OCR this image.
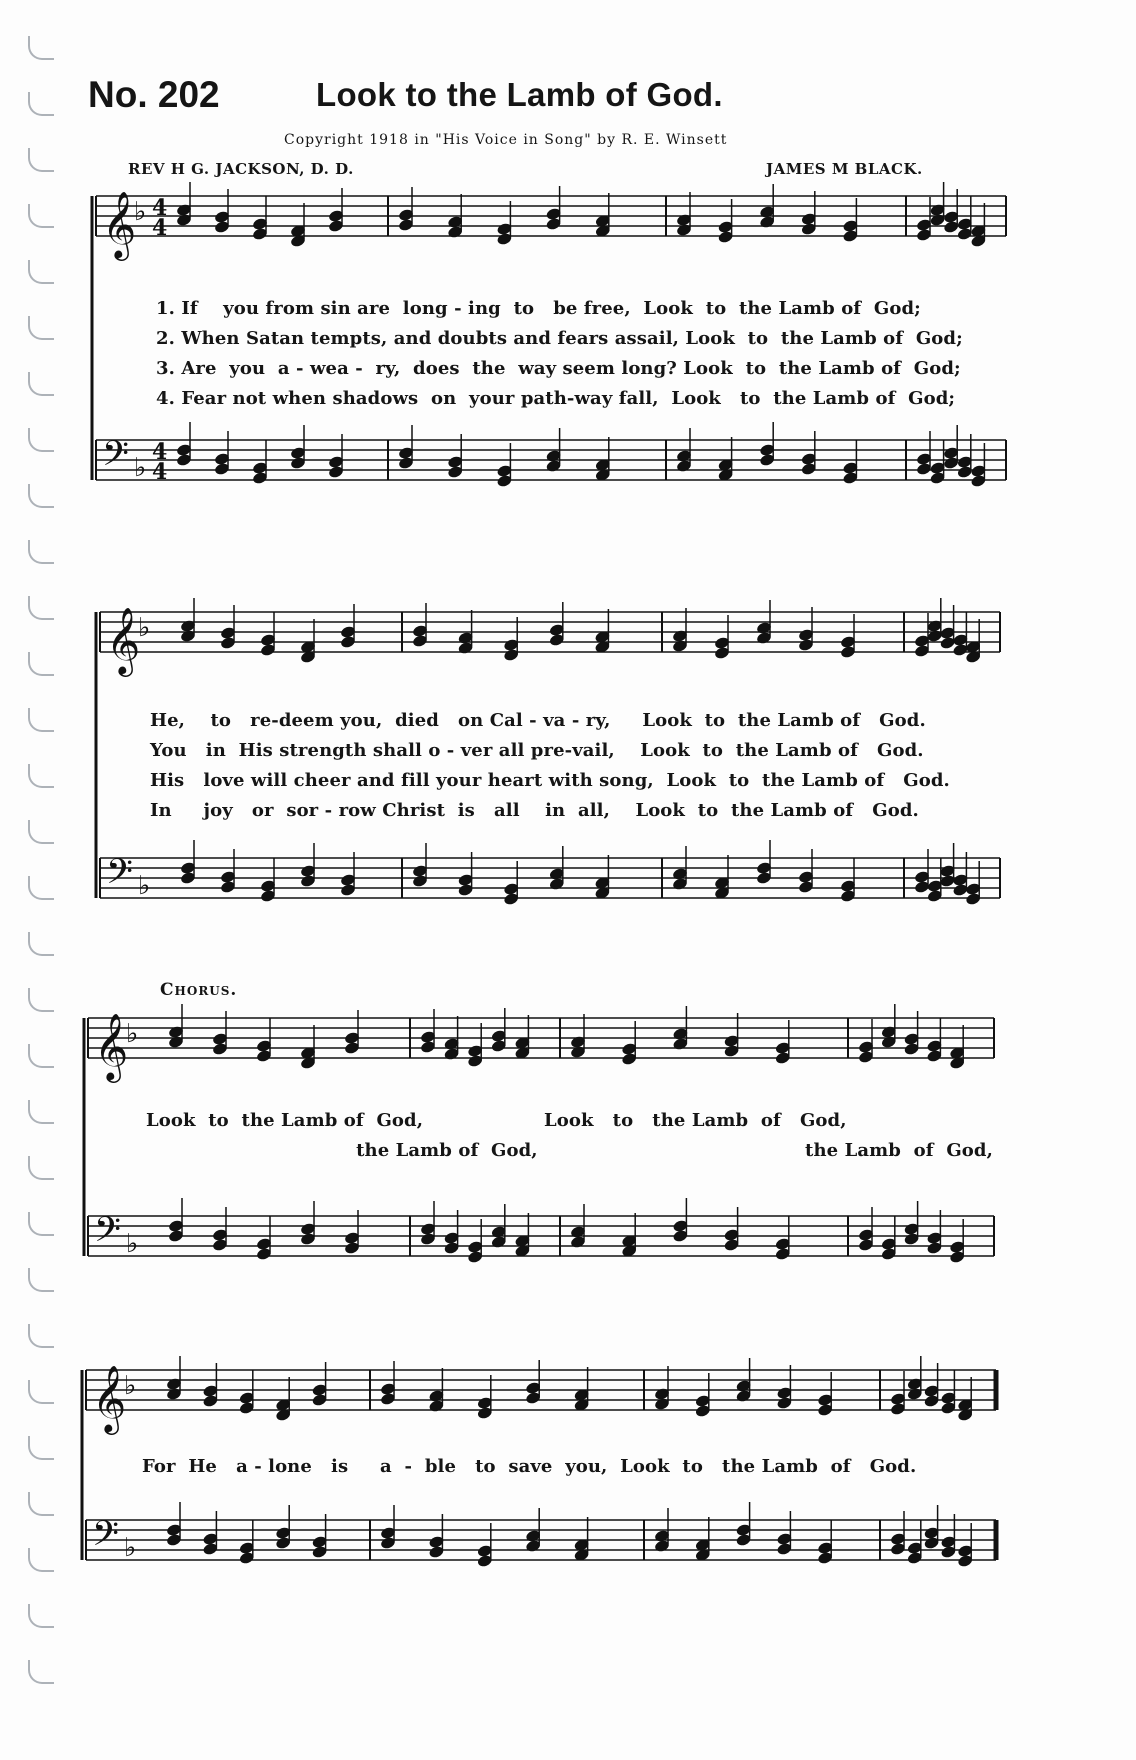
No. 202	Look to the Lamb of God.
Copyright 1918 in "His Voice in Song" by R. E. Winsett
REV H G. JACKSON, D. D.	JAMES M BLACK.
𝄞
♭ 4
4
𝄢 ♭
4
4
𝄞
♭
𝄢 ♭
𝄞
♭
𝄢 ♭
𝄞
♭
𝄢 ♭
1. If    you from sin are  long - ing  to   be free,  Look  to  the Lamb of  God;
2. When Satan tempts, and doubts and fears assail, Look  to  the Lamb of  God;
3. Are  you  a - wea -  ry,  does  the  way seem long? Look  to  the Lamb of  God;
4. Fear not when shadows  on  your path-way fall,  Look   to  the Lamb of  God;
He,    to   re-deem you,  died   on Cal - va - ry,     Look  to  the Lamb of   God.
You   in  His strength shall o - ver all pre-vail,    Look  to  the Lamb of   God.
His   love will cheer and fill your heart with song,  Look  to  the Lamb of   God.
In     joy   or  sor - row Christ  is   all    in  all,    Look  to  the Lamb of   God.
Chorus.
Look  to  the Lamb of  God,                   Look   to   the Lamb  of   God,
the Lamb of  God,                                          the Lamb  of  God,
For  He   a - lone   is     a  -  ble   to  save  you,  Look  to   the Lamb  of   God.
